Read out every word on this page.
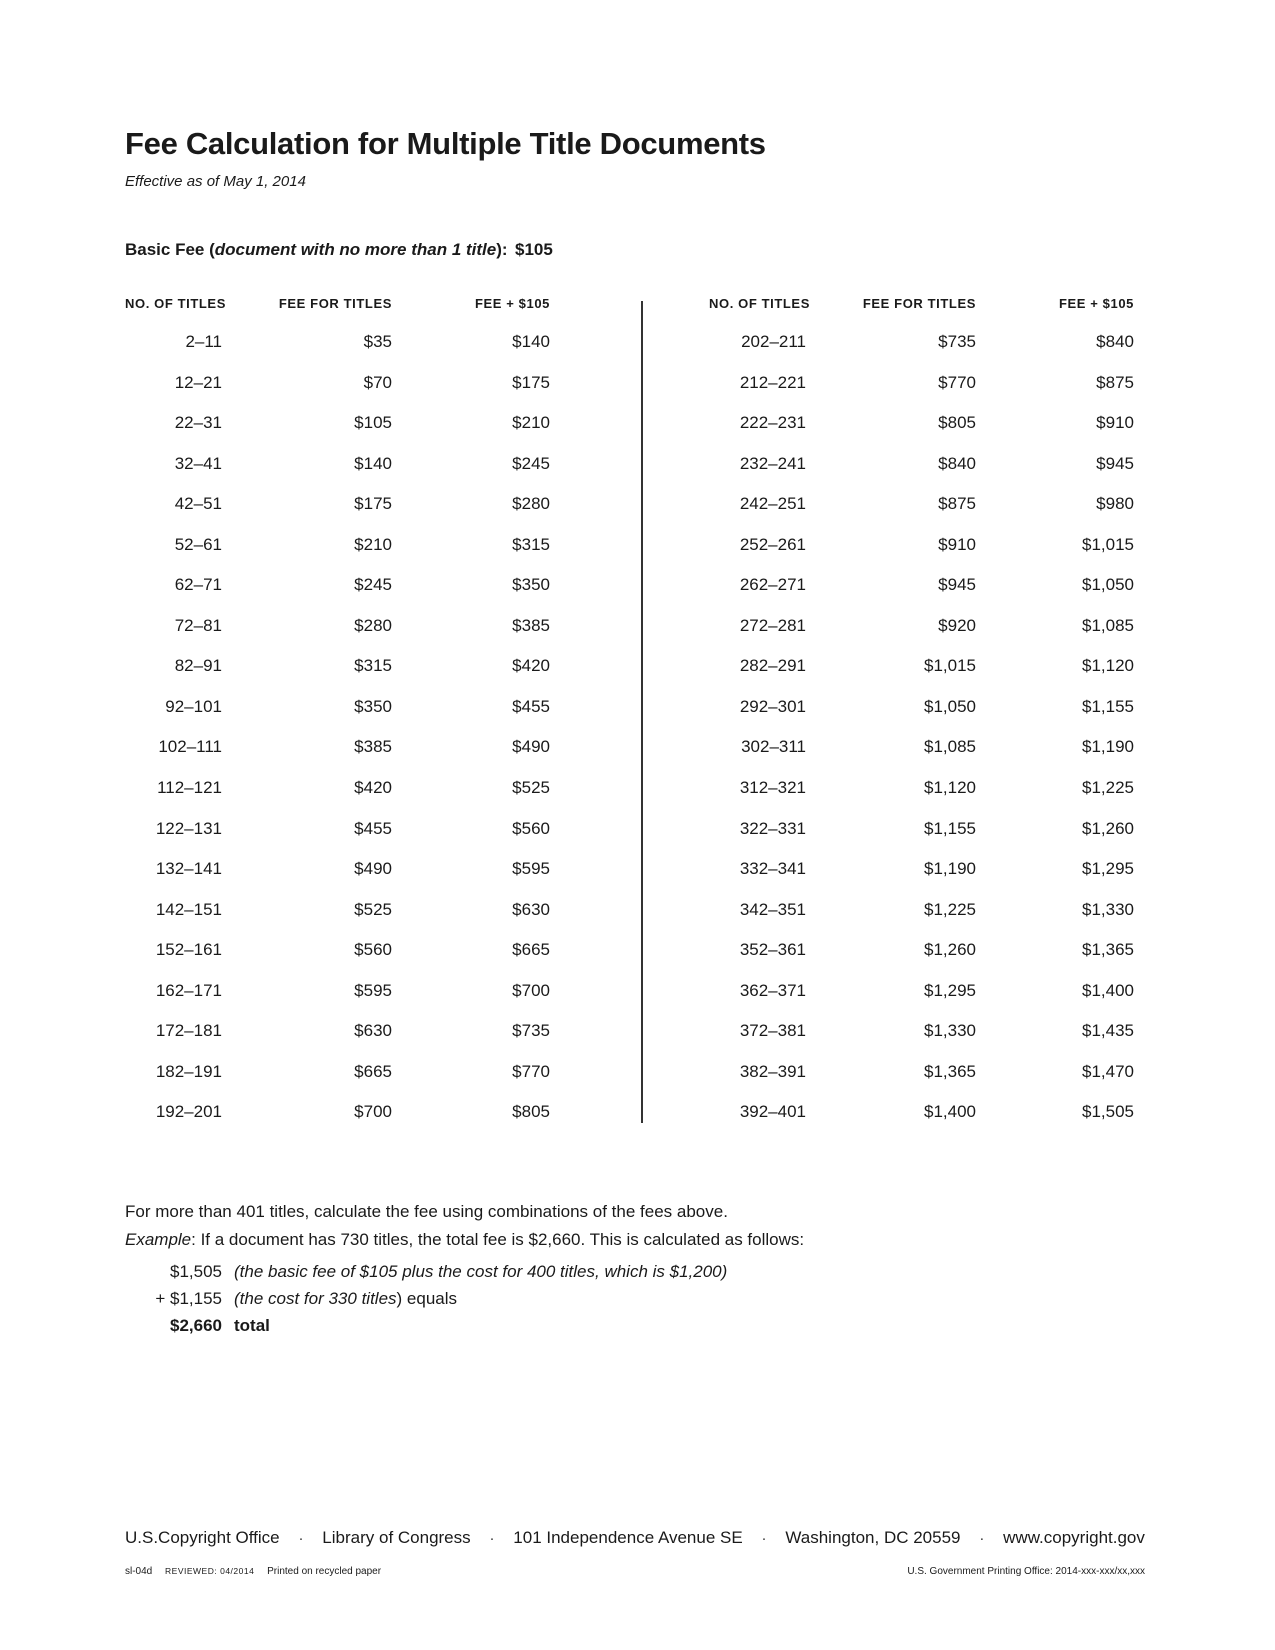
Fee Calculation for Multiple Title Documents
Effective as of May 1, 2014
Basic Fee (document with no more than 1 title): $105
NO. OF TITLES	FEE FOR TITLES	FEE + $105
2–11	$35	$140
12–21	$70	$175
22–31	$105	$210
32–41	$140	$245
42–51	$175	$280
52–61	$210	$315
62–71	$245	$350
72–81	$280	$385
82–91	$315	$420
92–101	$350	$455
102–111	$385	$490
112–121	$420	$525
122–131	$455	$560
132–141	$490	$595
142–151	$525	$630
152–161	$560	$665
162–171	$595	$700
172–181	$630	$735
182–191	$665	$770
192–201	$700	$805
NO. OF TITLES	FEE FOR TITLES	FEE + $105
202–211	$735	$840
212–221	$770	$875
222–231	$805	$910
232–241	$840	$945
242–251	$875	$980
252–261	$910	$1,015
262–271	$945	$1,050
272–281	$920	$1,085
282–291	$1,015	$1,120
292–301	$1,050	$1,155
302–311	$1,085	$1,190
312–321	$1,120	$1,225
322–331	$1,155	$1,260
332–341	$1,190	$1,295
342–351	$1,225	$1,330
352–361	$1,260	$1,365
362–371	$1,295	$1,400
372–381	$1,330	$1,435
382–391	$1,365	$1,470
392–401	$1,400	$1,505
For more than 401 titles, calculate the fee using combinations of the fees above.
Example: If a document has 730 titles, the total fee is $2,660. This is calculated as follows:
$1,505 (the basic fee of $105 plus the cost for 400 titles, which is $1,200)
+ $1,155 (the cost for 330 titles ) equals
$2,660 total
U.S.Copyright Office · Library of Congress · 101 Independence Avenue SE · Washington, DC 20559 · www.copyright.gov
sl-04d REVIEWED: 04/2014 Printed on recycled paper	U.S. Government Printing Office: 2014-xxx-xxx/xx,xxx
